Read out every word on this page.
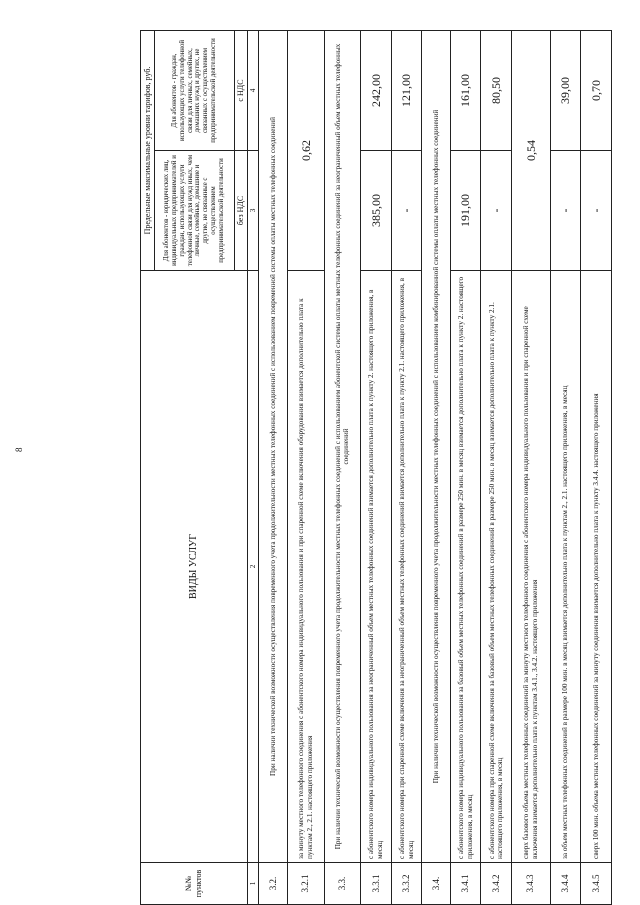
8
№№ пунктов	ВИДЫ УСЛУГ	Предельные максимальные уровни тарифов, руб.	
		Для абонентов - юридических лиц, индивидуальных предпринимателей и граждан, использующих услуги телефонной связи для нужд иных, чем личные, семейные, домашние и другие, не связанные с осуществлением предпринимательской деятельности	Для абонентов - граждан, использующих услуги телефонной связи для личных, семейных, домашних нужд и других, не связанных с осуществлением предпринимательской деятельности
		без НДС	с НДС
1	2	3	4
3.2.	При наличии технической возможности осуществления повременного учета продолжительности местных телефонных соединений с использованием повременной системы оплаты местных телефонных соединений		
3.2.1	за минуту местного телефонного соединения с абонентского номера индивидуального пользования и при спаренной схеме включения оборудования взимается дополнительно плата к пунктам 2., 2.1. настоящего приложения	0,62	
3.3.	При наличии технической возможности осуществления повременного учета продолжительности местных телефонных соединений с использованием абонентской системы оплаты местных телефонных соединений за неограниченный объем местных телефонных соединений		
3.3.1	с абонентского номера индивидуального пользования за неограниченный объем местных телефонных соединений взимается дополнительно плата к пункту 2. настоящего приложения, в месяц	385,00	242,00
3.3.2	с абонентского номера при спаренной схеме включения за неограниченный объем местных телефонных соединений взимается дополнительно плата к пункту 2.1. настоящего приложения, в месяц	-	121,00
3.4.	При наличии технической возможности осуществления повременного учета продолжительности местных телефонных соединений с использованием комбинированной системы оплаты местных телефонных соединений		
3.4.1	с абонентского номера индивидуального пользования за базовый объем местных телефонных соединений в размере 250 мин. в месяц взимается дополнительно плата к пункту 2. настоящего приложения, в месяц	191,00	161,00
3.4.2	с абонентского номера при спаренной схеме включения за базовый объем местных телефонных соединений в размере 250 мин. в месяц взимается дополнительно плата к пункту 2.1. настоящего приложения, в месяц	-	80,50
3.4.3	сверх базового объема местных телефонных соединений за минуту местного телефонного соединения с абонентского номера индивидуального пользования и при спаренной схеме включения взимается дополнительно плата к пунктам 3.4.1., 3.4.2. настоящего приложения	0,54	
3.4.4	за объем местных телефонных соединений в размере 100 мин. в месяц взимается дополнительно плата к пунктам 2., 2.1. настоящего приложения, в месяц	-	39,00
3.4.5	сверх 100 мин. объема местных телефонных соединений за минуту соединения взимается дополнительно плата к пункту 3.4.4. настоящего приложения	-	0,70
